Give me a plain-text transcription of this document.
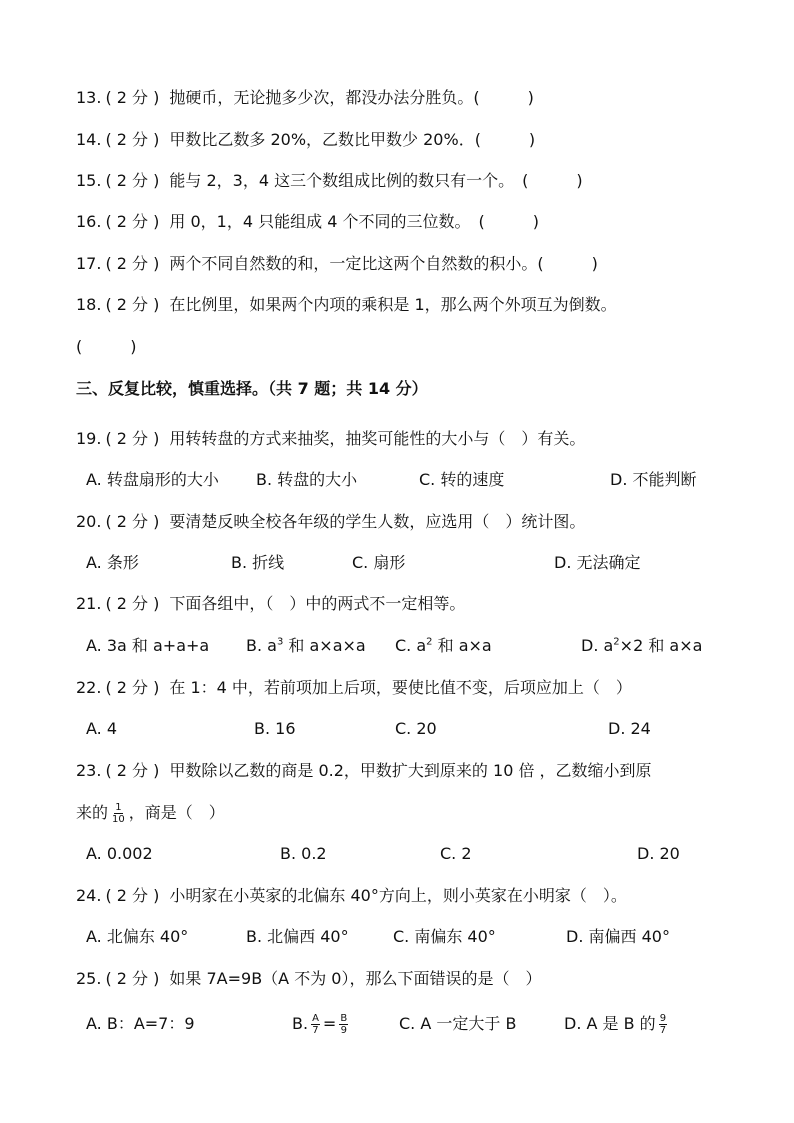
13. ( 2 分 ) 抛硬币，无论抛多少次，都没办法分胜负。(　　　)
14. ( 2 分 ) 甲数比乙数多 20%，乙数比甲数少 20%．(　　　)
15. ( 2 分 ) 能与 2，3，4 这三个数组成比例的数只有一个。　(　　　)
16. ( 2 分 ) 用 0，1，4 只能组成 4 个不同的三位数。　(　　　)
17. ( 2 分 ) 两个不同自然数的和，一定比这两个自然数的积小。(　　　)
18. ( 2 分 ) 在比例里，如果两个内项的乘积是 1，那么两个外项互为倒数。
(　　　)
三、反复比较，慎重选择。（共 7 题；共 14 分）
19. ( 2 分 ) 用转转盘的方式来抽奖，抽奖可能性的大小与（　）有关。
A. 转盘扇形的大小 B. 转盘的大小	C. 转的速度	D. 不能判断
20. ( 2 分 ) 要清楚反映全校各年级的学生人数，应选用（　）统计图。
A. 条形	B. 折线	C. 扇形	D. 无法确定
21. ( 2 分 ) 下面各组中，（　）中的两式不一定相等。
A. 3a 和 a+a+a B. $a^3$ 和 a×a×a C. $a^2$ 和 a×a	D. $a^2\times 2$ 和 a×a
22. ( 2 分 ) 在 1：4 中，若前项加上后项，要使比值不变，后项应加上（　）
A. 4	B. 16	C. 20	D. 24
23. ( 2 分 ) 甲数除以乙数的商是 0.2，甲数扩大到原来的 10 倍 ，乙数缩小到原
来的 $\frac{1}{10}$ ，商是（　）
A. 0.002	B. 0.2	C. 2	D. 20
24. ( 2 分 ) 小明家在小英家的北偏东 40°方向上，则小英家在小明家（　）。
A. 北偏东 40°	B. 北偏西 40°	C. 南偏东 40°	D. 南偏西 40°
25. ( 2 分 ) 如果 7A=9B（A 不为 0），那么下面错误的是（　）
A. B：A=7：9	B. $\frac{A}{7} = \frac{B}{9}$	C. A 一定大于 B	D. A 是 B 的 $\frac{9}{7}$
